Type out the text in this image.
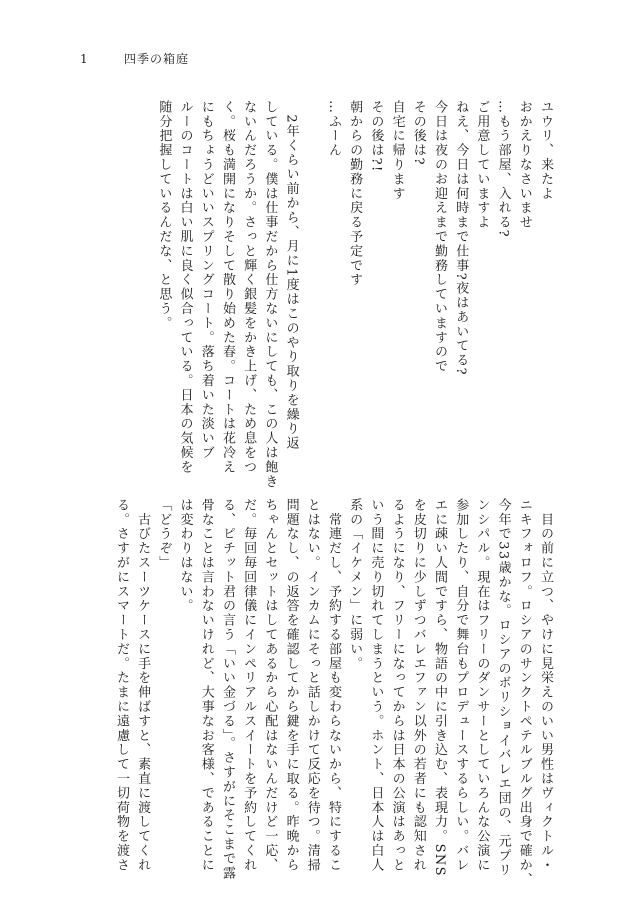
1	四季の箱庭
ユウリ、来たよ
おかえりなさいませ
…もう部屋、入れる?
ご用意していますよ
ねえ、今日は何時まで仕事?夜はあいてる?
今日は夜のお迎えまで勤務していますので
その後は?
自宅に帰ります
その後は?!
朝からの勤務に戻る予定です
…ふーん

　2年くらい前から、月に1度はこのやり取りを繰り返
している。僕は仕事だから仕方ないにしても、この人は飽き
ないんだろうか。さっと輝く銀髪をかき上げ、ため息をつ
く。桜も満開になりそして散り始めた春。コートは花冷え
にもちょうどいいスプリングコート。落ち着いた淡いブ
ルーのコートは白い肌に良く似合っている。日本の気候を
随分把握しているんだな、と思う。
　目の前に立つ、やけに見栄えのいい男性はヴィクトル・
ニキフォロフ。ロシアのサンクトペテルブルグ出身で確か、
今年で33歳かな。ロシアのボリショイバレエ団の、元プリ
ンシパル。現在はフリーのダンサーとしていろんな公演に
参加したり、自分で舞台もプロデュースするらしい。バレ
エに疎い人間ですら、物語の中に引き込む、表現力。SNS
を皮切りに少しずつバレエファン以外の若者にも認知され
るようになり、フリーになってからは日本の公演はあっと
いう間に売り切れてしまうという。ホント、日本人は白人
系の「イケメン」に弱い。
　常連だし、予約する部屋も変わらないから、特にするこ
とはない。インカムにそっと話しかけて反応を待つ。清掃
問題なし、の返答を確認してから鍵を手に取る。昨晩から
ちゃんとセットはしてあるから心配はないんだけど一応、
だ。毎回毎回律儀にインペリアルスイートを予約してくれ
る、ピチット君の言う「いい金づる」。さすがにそこまで露
骨なことは言わないけれど、大事なお客様、であることに
は変わりはない。
「どうぞ」
　古びたスーツケースに手を伸ばすと、素直に渡してくれ
る。さすがにスマートだ。たまに遠慮して一切荷物を渡さ
